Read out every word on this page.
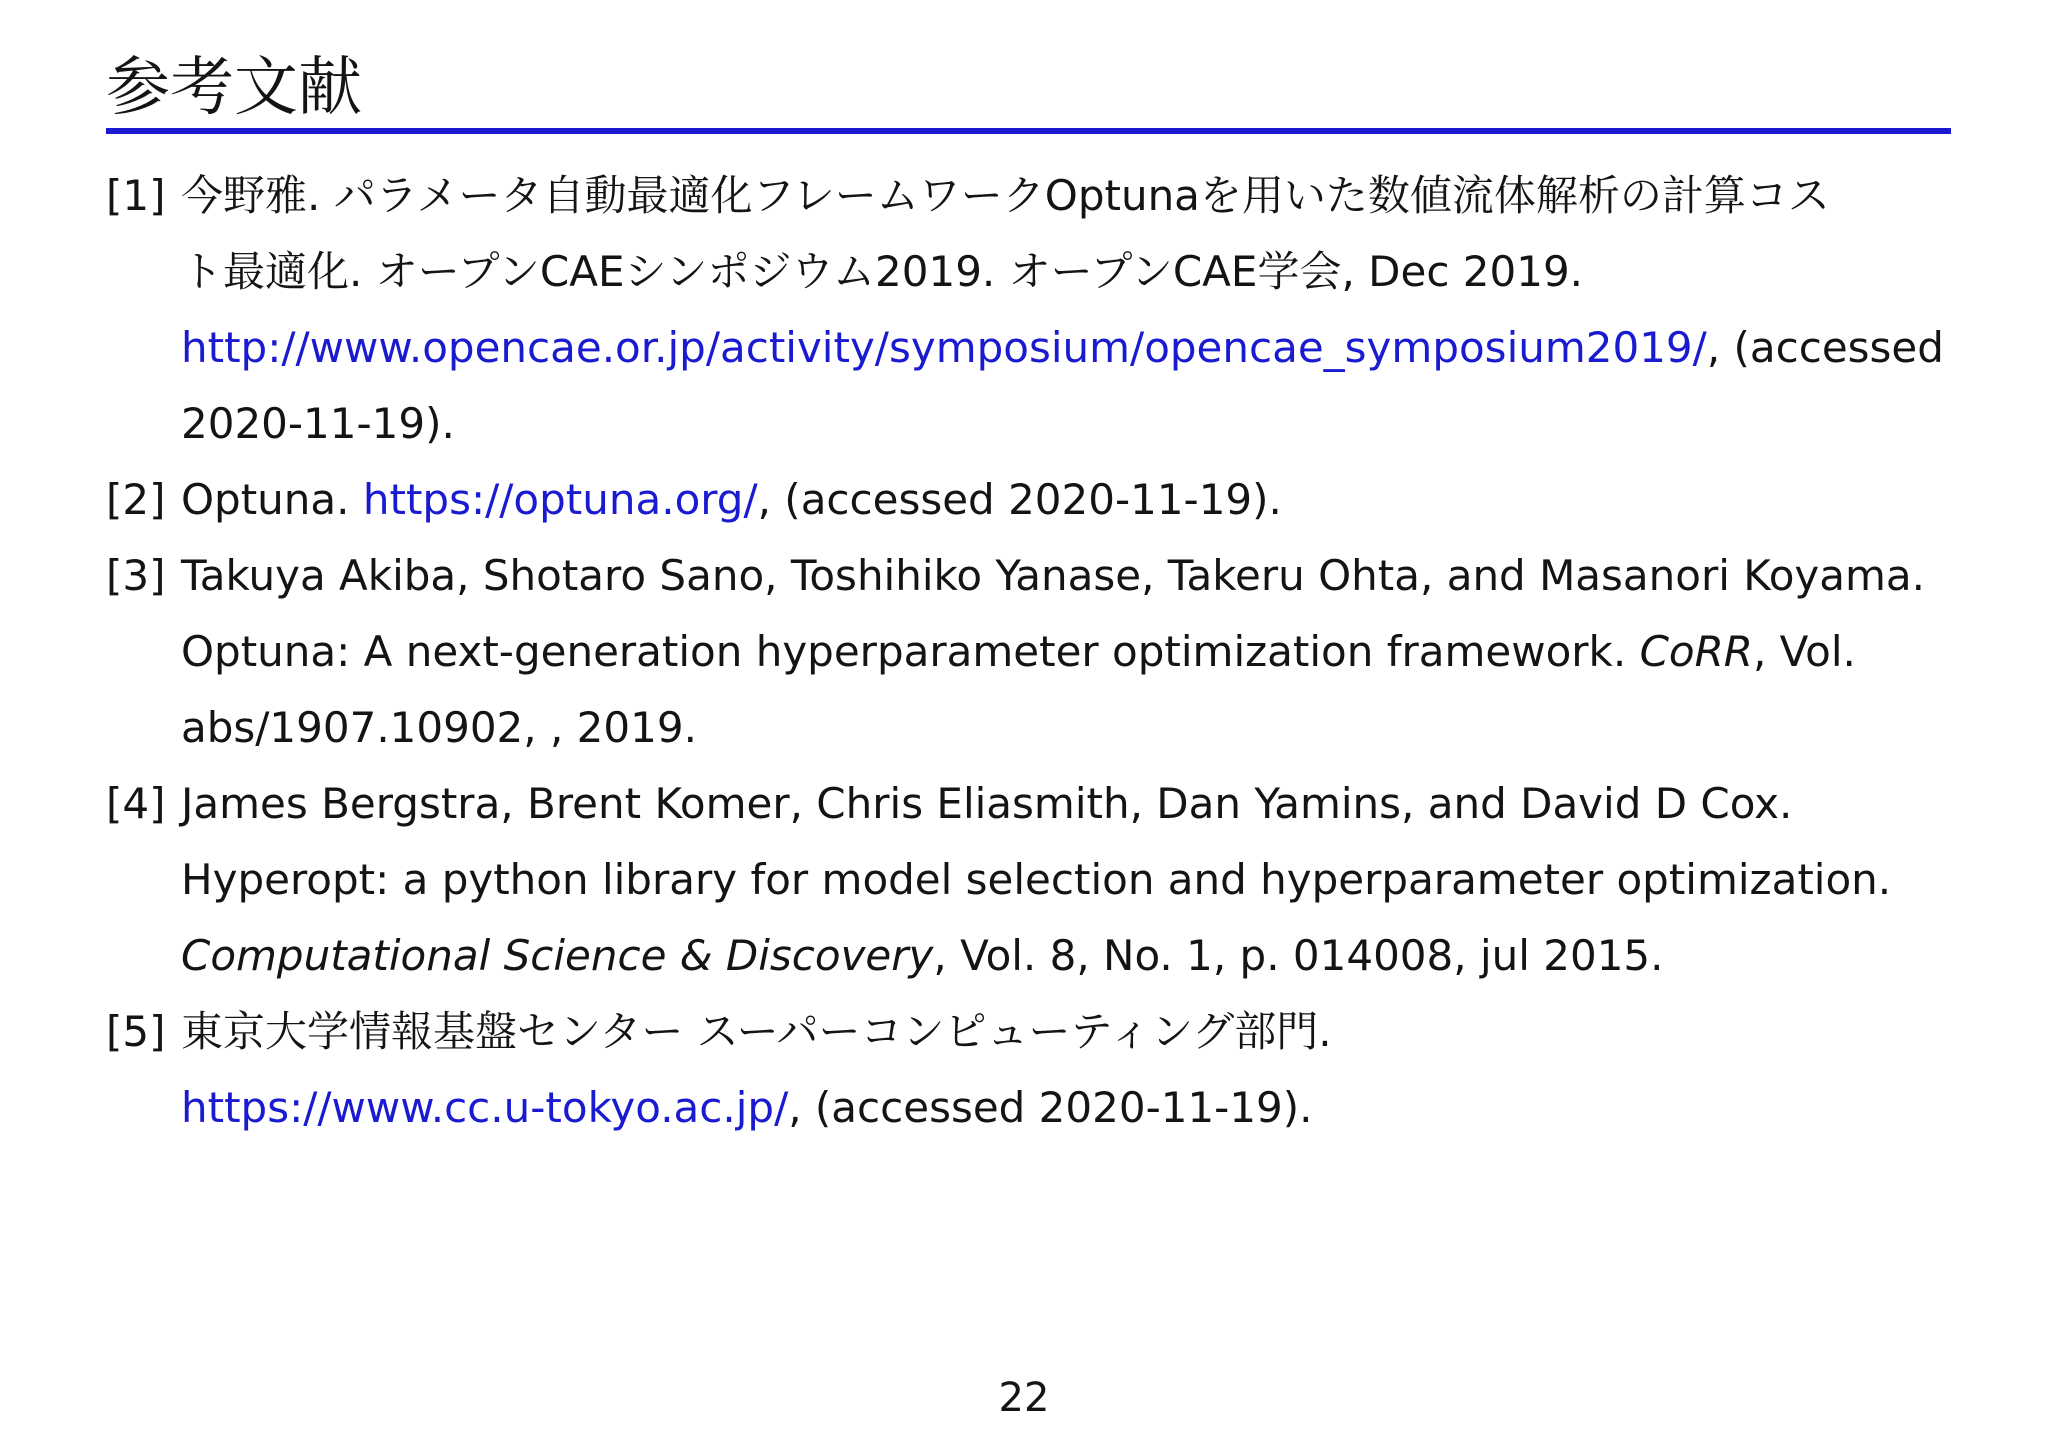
参考文献
[1] 今野雅. パラメータ自動最適化フレームワークOptunaを用いた数値流体解析の計算コス
ト最適化. オープンCAEシンポジウム2019. オープンCAE学会, Dec 2019.
http://www.opencae.or.jp/activity/symposium/opencae_symposium2019/, (accessed
2020-11-19).
[2] Optuna. https://optuna.org/, (accessed 2020-11-19).
[3] Takuya Akiba, Shotaro Sano, Toshihiko Yanase, Takeru Ohta, and Masanori Koyama.
Optuna: A next-generation hyperparameter optimization framework. CoRR, Vol.
abs/1907.10902, , 2019.
[4] James Bergstra, Brent Komer, Chris Eliasmith, Dan Yamins, and David D Cox.
Hyperopt: a python library for model selection and hyperparameter optimization.
Computational Science & Discovery, Vol. 8, No. 1, p. 014008, jul 2015.
[5] 東京大学情報基盤センター スーパーコンピューティング部門.
https://www.cc.u-tokyo.ac.jp/, (accessed 2020-11-19).
22
